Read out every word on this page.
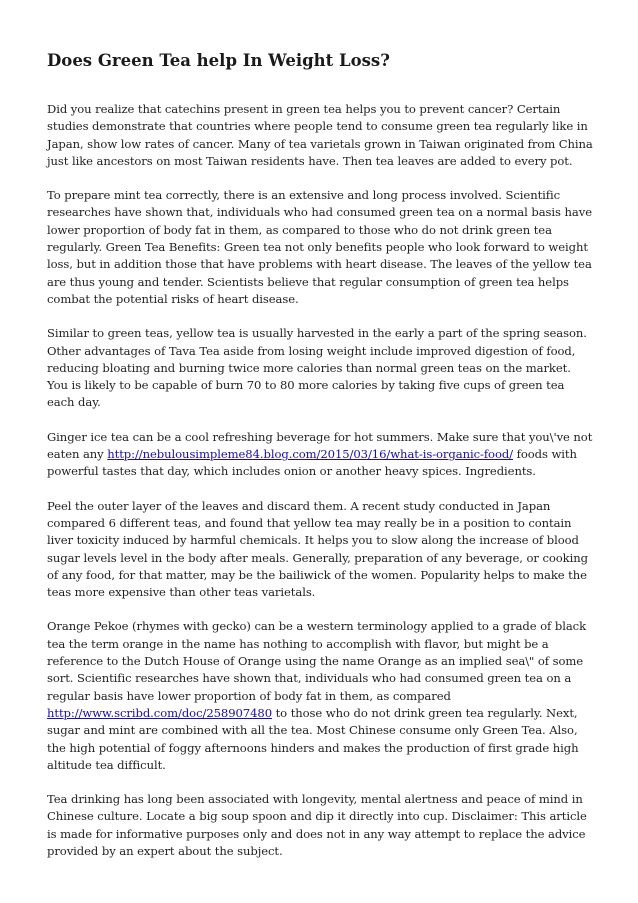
Does Green Tea help In Weight Loss?

Did you realize that catechins present in green tea helps you to prevent cancer? Certain studies demonstrate that countries where people tend to consume green tea regularly like in Japan, show low rates of cancer. Many of tea varietals grown in Taiwan originated from China just like ancestors on most Taiwan residents have. Then tea leaves are added to every pot.

To prepare mint tea correctly, there is an extensive and long process involved. Scientific researches have shown that, individuals who had consumed green tea on a normal basis have lower proportion of body fat in them, as compared to those who do not drink green tea regularly. Green Tea Benefits: Green tea not only benefits people who look forward to weight loss, but in addition those that have problems with heart disease. The leaves of the yellow tea are thus young and tender. Scientists believe that regular consumption of green tea helps combat the potential risks of heart disease.

Similar to green teas, yellow tea is usually harvested in the early a part of the spring season. Other advantages of Tava Tea aside from losing weight include improved digestion of food, reducing bloating and burning twice more calories than normal green teas on the market. You is likely to be capable of burn 70 to 80 more calories by taking five cups of green tea each day.

Ginger ice tea can be a cool refreshing beverage for hot summers. Make sure that you\'ve not eaten any http://nebulousimpleme84.blog.com/2015/03/16/what-is-organic-food/ foods with powerful tastes that day, which includes onion or another heavy spices. Ingredients.

Peel the outer layer of the leaves and discard them. A recent study conducted in Japan compared 6 different teas, and found that yellow tea may really be in a position to contain liver toxicity induced by harmful chemicals. It helps you to slow along the increase of blood sugar levels level in the body after meals. Generally, preparation of any beverage, or cooking of any food, for that matter, may be the bailiwick of the women. Popularity helps to make the teas more expensive than other teas varietals.

Orange Pekoe (rhymes with gecko) can be a western terminology applied to a grade of black tea the term orange in the name has nothing to accomplish with flavor, but might be a reference to the Dutch House of Orange using the name Orange as an implied sea\" of some sort. Scientific researches have shown that, individuals who had consumed green tea on a regular basis have lower proportion of body fat in them, as compared http://www.scribd.com/doc/258907480 to those who do not drink green tea regularly. Next, sugar and mint are combined with all the tea. Most Chinese consume only Green Tea. Also, the high potential of foggy afternoons hinders and makes the production of first grade high altitude tea difficult.

Tea drinking has long been associated with longevity, mental alertness and peace of mind in Chinese culture. Locate a big soup spoon and dip it directly into cup. Disclaimer: This article is made for informative purposes only and does not in any way attempt to replace the advice provided by an expert about the subject.
